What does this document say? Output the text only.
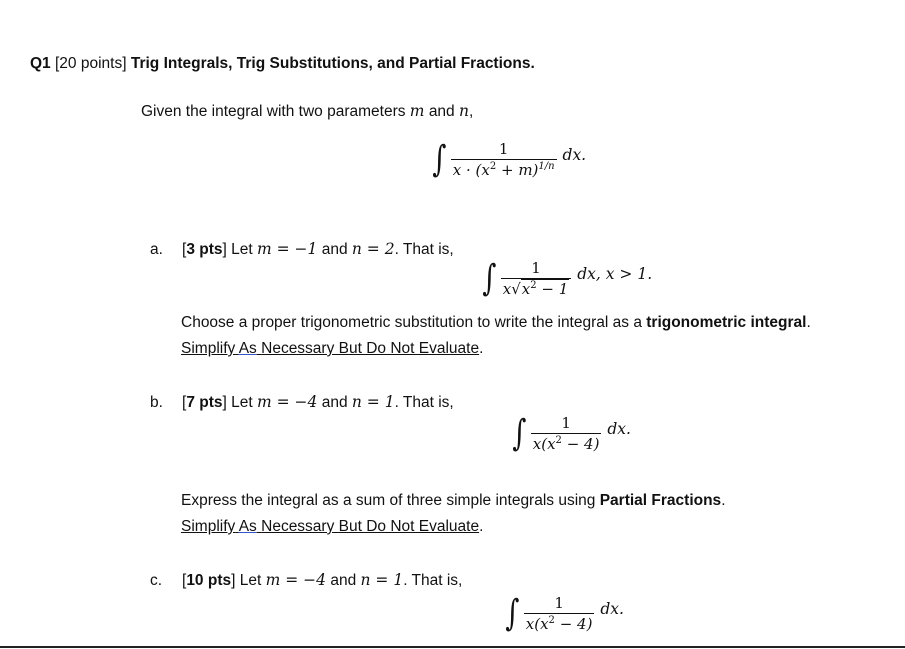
Q1 [20 points] Trig Integrals, Trig Substitutions, and Partial Fractions.
Given the integral with two parameters m and n,
∫ $\frac{1}{x \cdot (x^2 + m)^{1/n}}$ dx.
a. [3 pts] Let m = −1 and n = 2. That is,
∫ $\frac{1}{x√x^2 - 1}$ dx, x > 1.
Choose a proper trigonometric substitution to write the integral as a trigonometric integral.
Simplify As Necessary But Do Not Evaluate.
b. [7 pts] Let m = −4 and n = 1. That is,
∫ $\frac{1}{x(x^2 - 4)}$ dx.
Express the integral as a sum of three simple integrals using Partial Fractions.
Simplify As Necessary But Do Not Evaluate.
c. [10 pts] Let m = −4 and n = 1. That is,
∫ $\frac{1}{x(x^2 - 4)}$ dx.
